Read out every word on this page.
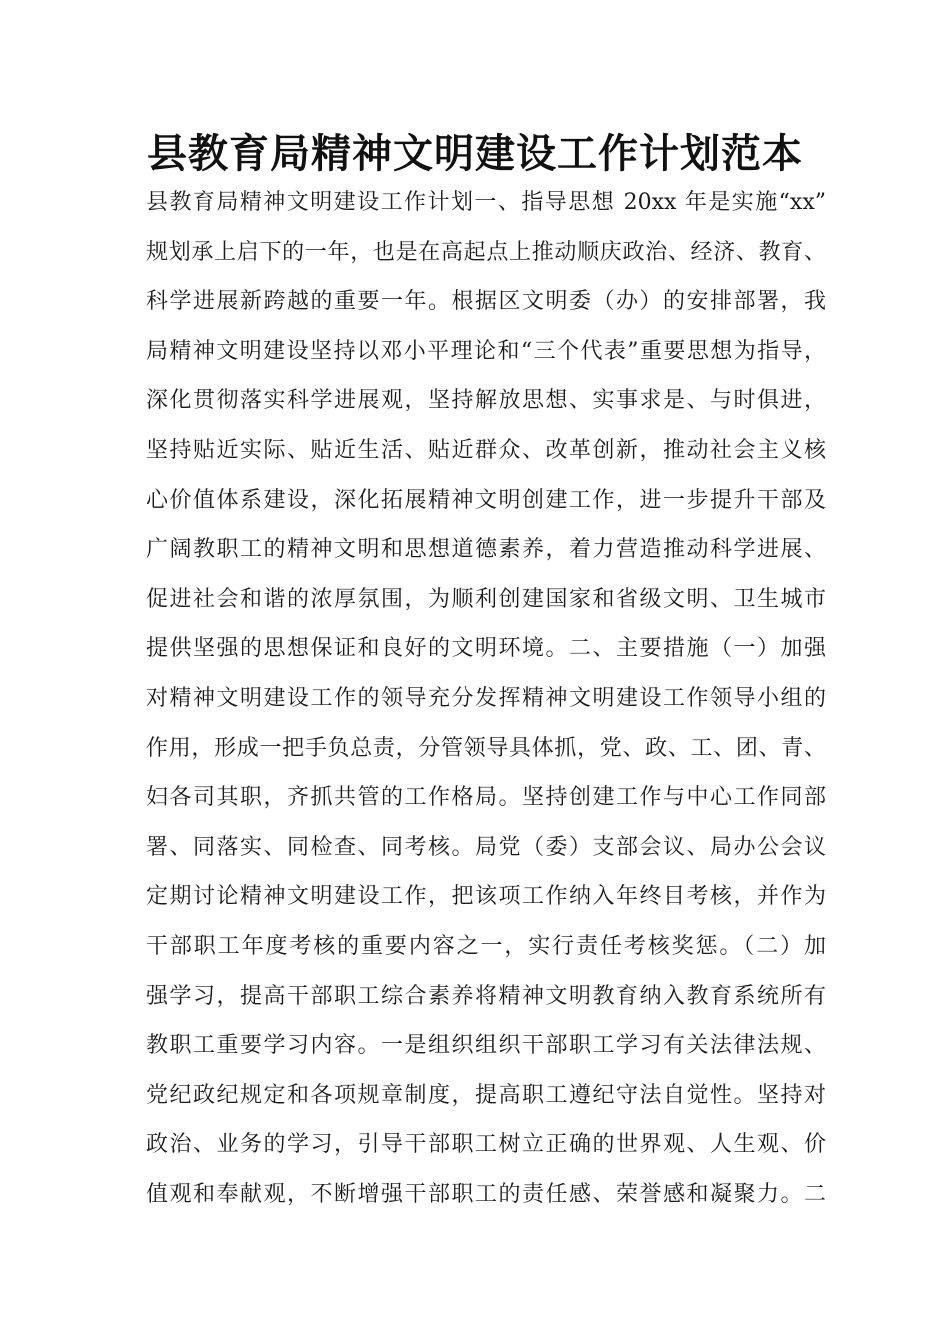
县教育局精神文明建设工作计划范本
县教育局精神文明建设工作计划一、指导思想 20xx 年是实施“xx”
规划承上启下的一年，也是在高起点上推动顺庆政治、经济、教育、
科学进展新跨越的重要一年。根据区文明委（办）的安排部署，我
局精神文明建设坚持以邓小平理论和“三个代表”重要思想为指导，
深化贯彻落实科学进展观，坚持解放思想、实事求是、与时俱进，
坚持贴近实际、贴近生活、贴近群众、改革创新，推动社会主义核
心价值体系建设，深化拓展精神文明创建工作，进一步提升干部及
广阔教职工的精神文明和思想道德素养，着力营造推动科学进展、
促进社会和谐的浓厚氛围，为顺利创建国家和省级文明、卫生城市
提供坚强的思想保证和良好的文明环境。二、主要措施（一）加强
对精神文明建设工作的领导充分发挥精神文明建设工作领导小组的
作用，形成一把手负总责，分管领导具体抓，党、政、工、团、青、
妇各司其职，齐抓共管的工作格局。坚持创建工作与中心工作同部
署、同落实、同检查、同考核。局党（委）支部会议、局办公会议
定期讨论精神文明建设工作，把该项工作纳入年终目考核，并作为
干部职工年度考核的重要内容之一，实行责任考核奖惩。（二）加
强学习，提高干部职工综合素养将精神文明教育纳入教育系统所有
教职工重要学习内容。一是组织组织干部职工学习有关法律法规、
党纪政纪规定和各项规章制度，提高职工遵纪守法自觉性。坚持对
政治、业务的学习，引导干部职工树立正确的世界观、人生观、价
值观和奉献观，不断增强干部职工的责任感、荣誉感和凝聚力。二
